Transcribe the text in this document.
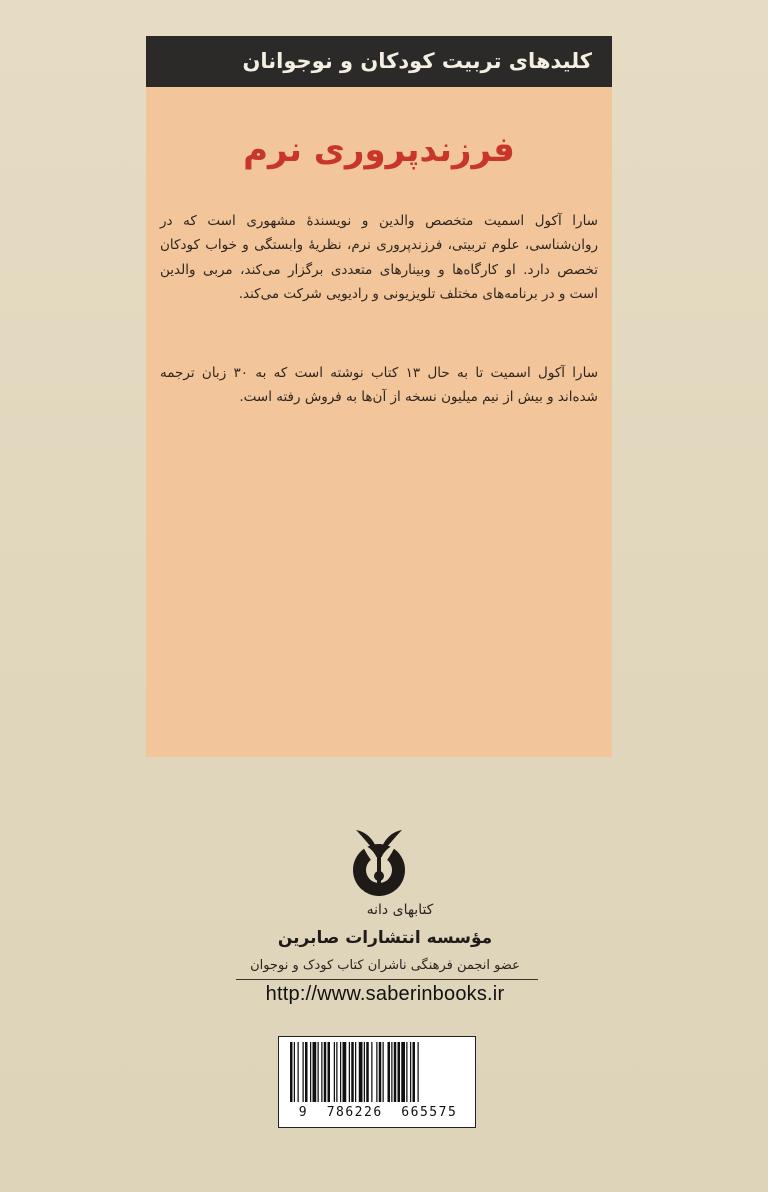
کلیدهای تربیت کودکان و نوجوانان
فرزندپروری نرم
سارا آکول اسمیت متخصص والدین و نویسندۀ مشهوری است که در روان‌شناسی، علوم تربیتی، فرزندپروری نرم، نظریۀ وابستگی و خواب کودکان تخصص دارد. او کارگاه‌ها و وبینارهای متعددی برگزار می‌کند، مربی والدین است و در برنامه‌های مختلف تلویزیونی و رادیویی شرکت می‌کند.
سارا آکول اسمیت تا به حال ۱۳ کتاب نوشته است که به ۳۰ زبان ترجمه شده‌اند و بیش از نیم میلیون نسخه از آن‌ها به فروش رفته است.
کتابهای دانه
مؤسسه انتشارات صابرین
عضو انجمن فرهنگی ناشران کتاب کودک و نوجوان
http://www.saberinbooks.ir
9  786226  665575
